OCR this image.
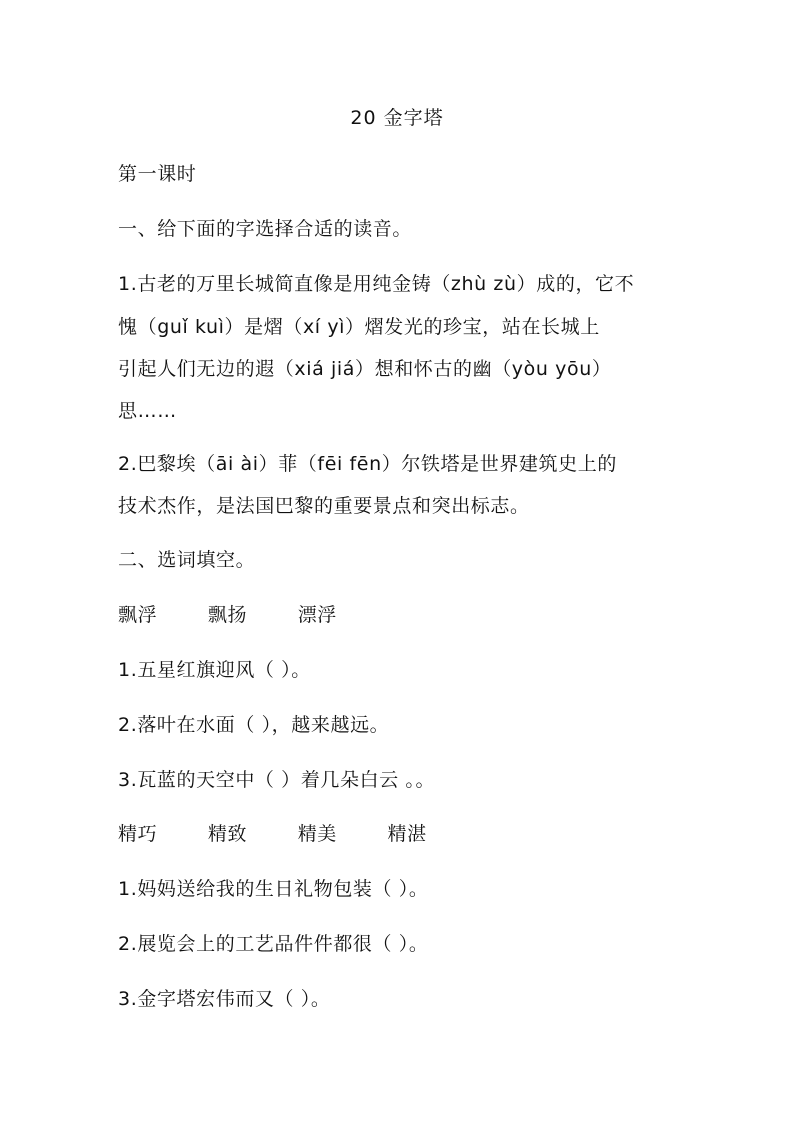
20 金字塔
第一课时
一、给下面的字选择合适的读音。
1.古老的万里长城简直像是用纯金铸（zhù zù）成的，它不
愧（guǐ kuì）是熠（xí yì）熠发光的珍宝，站在长城上
引起人们无边的遐（xiá jiá）想和怀古的幽（yòu yōu）
思……
2.巴黎埃（āi ài）菲（fēi fēn）尔铁塔是世界建筑史上的
技术杰作，是法国巴黎的重要景点和突出标志。
二、选词填空。
飘浮	飘扬	漂浮
1.五星红旗迎风（ ）。
2.落叶在水面（ ），越来越远。
3.瓦蓝的天空中（ ）着几朵白云 。。
精巧	精致	精美	精湛
1.妈妈送给我的生日礼物包装（ ）。
2.展览会上的工艺品件件都很（ ）。
3.金字塔宏伟而又（ ）。
